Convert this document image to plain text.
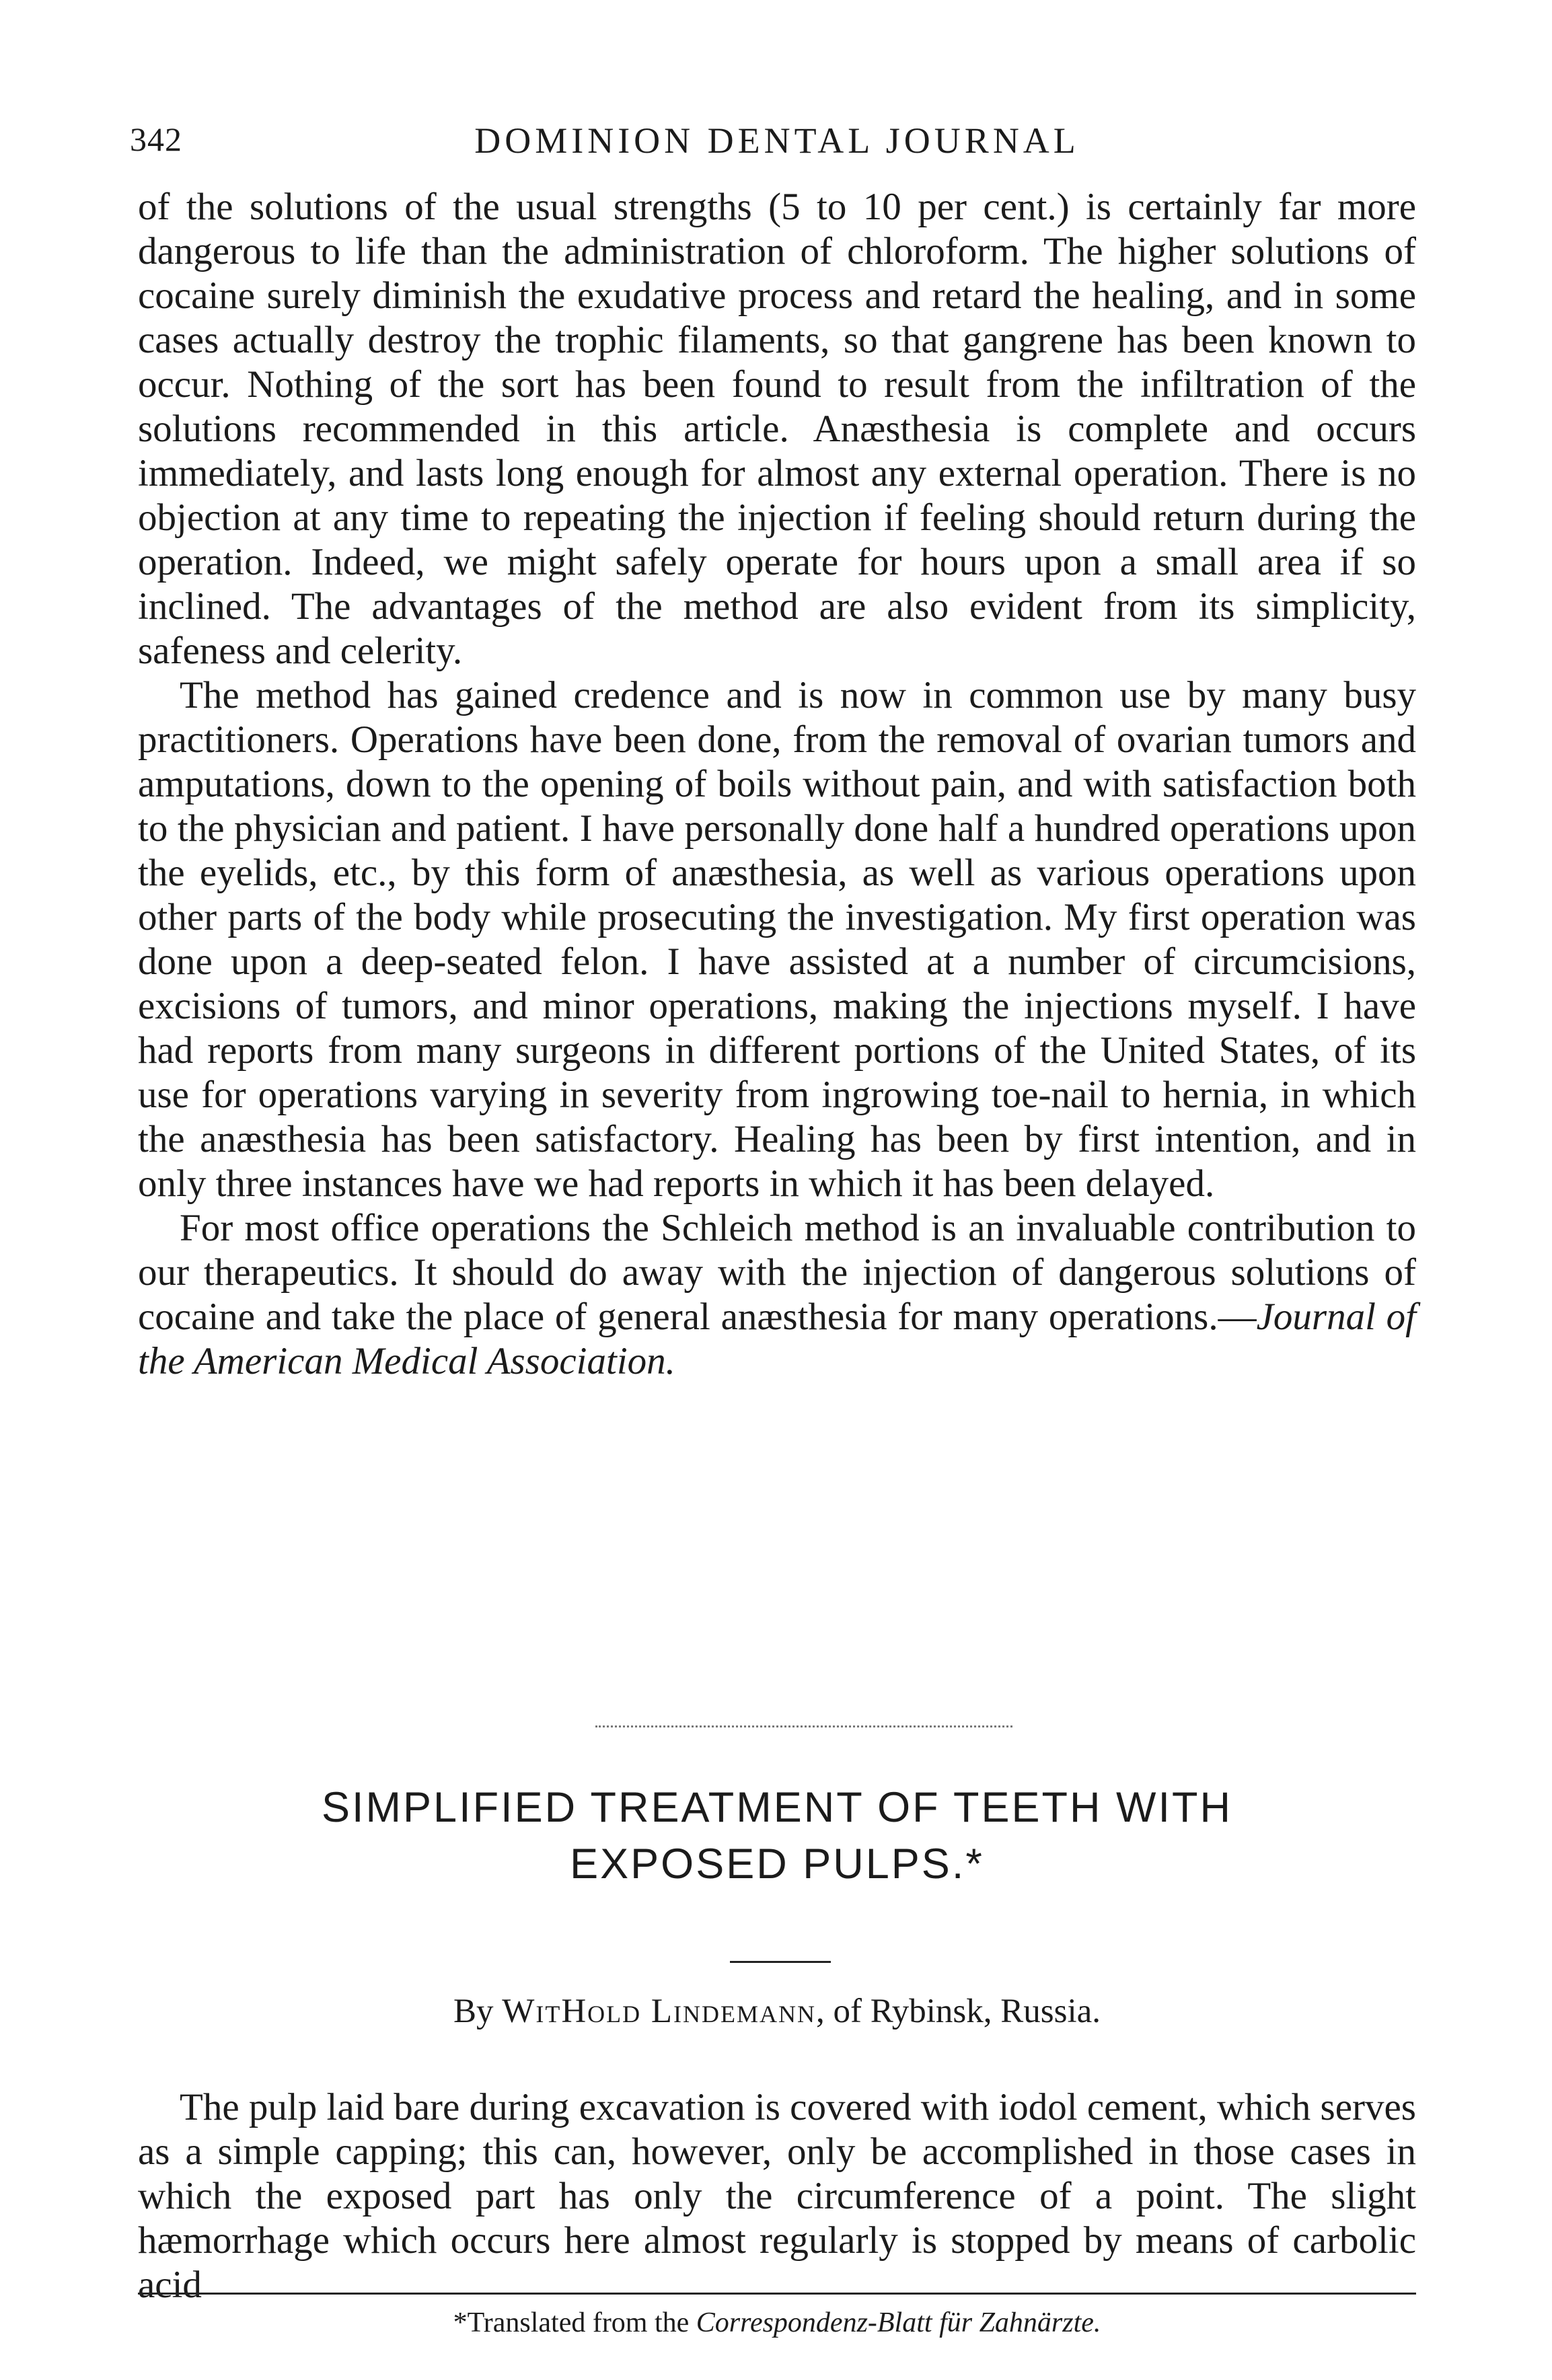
342	DOMINION DENTAL JOURNAL

of the solutions of the usual strengths (5 to 10 per cent.) is certainly far more dangerous to life than the administration of chloroform. The higher solutions of cocaine surely diminish the exudative process and retard the healing, and in some cases actually destroy the trophic filaments, so that gangrene has been known to occur. Nothing of the sort has been found to result from the infiltration of the solutions recommended in this article. Anæsthesia is complete and occurs immediately, and lasts long enough for almost any external operation. There is no objection at any time to repeating the injection if feeling should return during the operation. Indeed, we might safely operate for hours upon a small area if so inclined. The advantages of the method are also evident from its simplicity, safeness and celerity.

The method has gained credence and is now in common use by many busy practitioners. Operations have been done, from the removal of ovarian tumors and amputations, down to the opening of boils without pain, and with satisfaction both to the physician and patient. I have personally done half a hundred operations upon the eyelids, etc., by this form of anæsthesia, as well as various operations upon other parts of the body while prosecuting the investigation. My first operation was done upon a deep-seated felon. I have assisted at a number of circumcisions, excisions of tumors, and minor operations, making the injections myself. I have had reports from many surgeons in different portions of the United States, of its use for operations varying in severity from ingrowing toe-nail to hernia, in which the anæsthesia has been satisfactory. Healing has been by first intention, and in only three instances have we had reports in which it has been delayed.

For most office operations the Schleich method is an invaluable contribution to our therapeutics. It should do away with the injection of dangerous solutions of cocaine and take the place of general anæsthesia for many operations.—Journal of the American Medical Association.

SIMPLIFIED TREATMENT OF TEETH WITH
EXPOSED PULPS.*
By WitHold Lindemann, of Rybinsk, Russia.

The pulp laid bare during excavation is covered with iodol cement, which serves as a simple capping; this can, however, only be accomplished in those cases in which the exposed part has only the circumference of a point. The slight hæmorrhage which occurs here almost regularly is stopped by means of carbolic acid

*Translated from the Correspondenz-Blatt für Zahnärzte.
